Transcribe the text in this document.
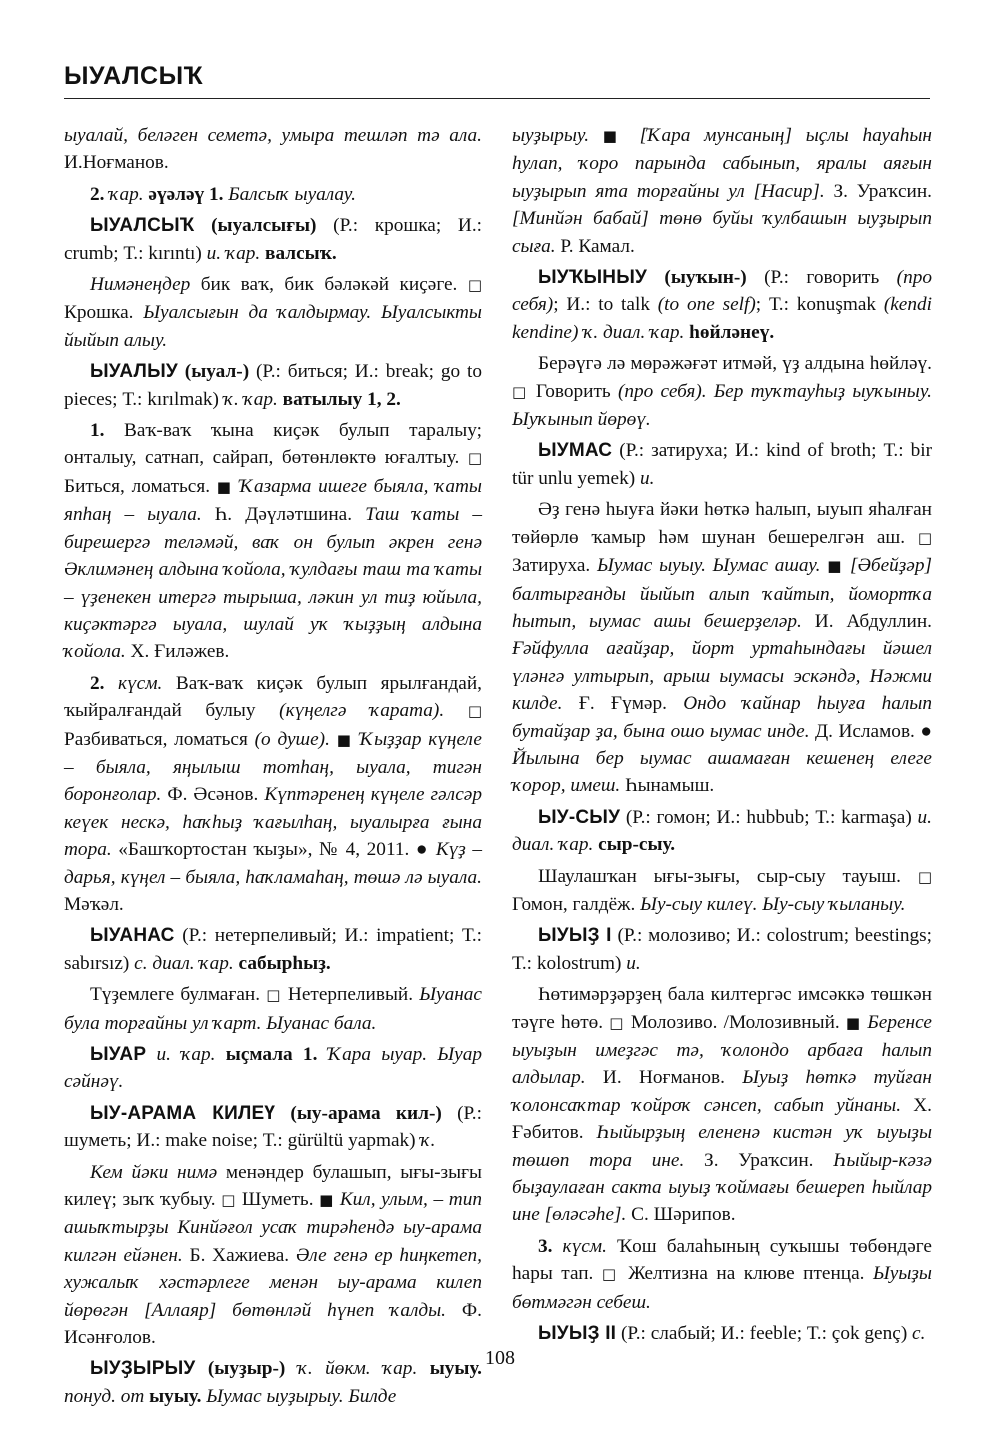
ЫУАЛСЫҠ

ыуалай, беләген семетә, умыра тешләп тә ала. И.Ноғманов.

2. ҡар. әүәләү 1. Балсыҡ ыуалау.

ЫУАЛСЫҠ (ыуалсығы) (Р.: крошка; И.: crumb; Т.: kırıntı) и. ҡар. валсыҡ.

Нимәнеңдер бик ваҡ, бик бәләкәй киҫәге. □ Крошка. Ыуалсығын да ҡалдырмау. Ыуалсыкты йыйып алыу.

ЫУАЛЫУ (ыуал-) (Р.: биться; И.: break; go to pieces; Т.: kırılmak) ҡ. ҡар. ватылыу 1, 2.

1. Ваҡ-ваҡ ҡына киҫәк булып таралыу; онталыу, сатнап, сайрап, бөтөнлөктө юғалтыу. □ Биться, ломаться. ■ Ҡазарма ишеге быяла, ҡаты япһаң – ыуала. Һ. Дәүләтшина. Таш ҡаты – бирешергә теләмәй, ваҡ он булып әкрен генә Әклимәнең алдына ҡойола, ҡулдағы таш та ҡаты – үҙенекен итергә тырыша, ләкин ул тиҙ юйыла, киҫәктәргә ыуала, шулай уҡ ҡыҙҙың алдына ҡойола. Х. Ғиләжев.

2. күсм. Ваҡ-ваҡ киҫәк булып ярылғандай, ҡыйралғандай булыу (күңелгә ҡарата). □ Разбиваться, ломаться (о душе). ■ Ҡыҙҙар күңеле – быяла, яңылыш тотһаң, ыуала, тигән боронғолар. Ф. Әсәнов. Күптәренең күңеле гәлсәр кеүек нескә, һаҡһыҙ ҡағылһаң, ыуалырға ғына тора. «Башҡортостан ҡыҙы», № 4, 2011. ● Күҙ – дарья, күңел – быяла, һаҡламаһаң, төшә лә ыуала. Мәҡәл.

ЫУАНАС (Р.: нетерпеливый; И.: impatient; Т.: sabırsız) с. диал. ҡар. сабырһыҙ.

Түҙемлеге булмаған. □ Нетерпеливый. Ыуанас була торғайны ул ҡарт. Ыуанас бала.

ЫУАР и. ҡар. ыҫмала 1. Ҡара ыуар. Ыуар сәйнәү.

ЫУ-АРАМА КИЛЕҮ (ыу-арама кил-) (Р.: шуметь; И.: make noise; Т.: gürültü yapmak) ҡ.

Кем йәки нимә менәндер булашып, ығы-зығы килеү; зыҡ ҡубыу. □ Шуметь. ■ Кил, улым, – тип ашыҡтырҙы Кинйәғол усаҡ тирәһендә ыу-арама килгән ейәнен. Б. Хажиева. Әле генә ер һиңкетеп, хужалыҡ хәстәрлеге менән ыу-арама килеп йөрөгән [Аллаяр] бөтөнләй һүнеп ҡалды. Ф. Исәнғолов.

ЫУҘЫРЫУ (ыуҙыр-) ҡ. йөкм. ҡар. ыуыу. понуд. от ыуыу. Ыумас ыуҙырыу. Билде

ыуҙырыу. ■ [Ҡара мунсаның] ыҫлы һауаһын һулап, ҡоро парында сабынып, яралы аяғын ыуҙырып ята торғайны ул [Насир]. З. Ураҡсин. [Минйән бабай] төнө буйы ҡулбашын ыуҙырып сыға. Р. Камал.

ЫУҠЫНЫУ (ыуҡын-) (Р.: говорить (про себя); И.: to talk (to one self); Т.: konuşmak (kendi kendine) ҡ. диал. ҡар. һөйләнеү.

Берәүгә лә мөрәжәғәт итмәй, үҙ алдына һөйләү. □ Говорить (про себя). Бер туҡтауһыҙ ыуҡыныу. Ыуҡынып йөрөү.

ЫУМАС (Р.: затируха; И.: kind of broth; Т.: bir tür unlu yemek) и.

Әҙ генә һыуға йәки һөткә һалып, ыуып яһалған төйөрлө ҡамыр һәм шунан бешерелгән аш. □ Затируха. Ыумас ыуыу. Ыумас ашау. ■ [Әбейҙәр] балтырғанды йыйып алып ҡайтып, йомортҡа һытып, ыумас ашы бешерҙеләр. И. Абдуллин. Ғәйфулла ағайҙар, йорт уртаһындағы йәшел үләнгә ултырып, арыш ыумасы эскәндә, Нәжми килде. Ғ. Ғүмәр. Ондо ҡайнар һыуға һалып бутайҙар ҙа, бына ошо ыумас инде. Д. Исламов. ● Йылына бер ыумас ашамаған кешенең елеге ҡорор, имеш. Һынамыш.

ЫУ-СЫУ (Р.: гомон; И.: hubbub; Т.: karmaşa) и. диал. ҡар. сыр-сыу.

Шаулашҡан ығы-зығы, сыр-сыу тауыш. □ Гомон, галдёж. Ыу-сыу килеү. Ыу-сыу ҡыланыу.

ЫУЫҘ I (Р.: молозиво; И.: colostrum; beestings; Т.: kolostrum) и.

Һөтимәрҙәрҙең бала килтергәс имсәккә төшкән тәүге һөтө. □ Молозиво. /Молозивный. ■ Беренсе ыуыҙын имеҙгәс тә, ҡолондо арбаға һалып алдылар. И. Ноғманов. Ыуыҙ һөткә туйған ҡолонсаҡтар ҡойроҡ сәнсеп, сабып уйнаны. Х. Ғәбитов. Һыйырҙың елененә кистән уҡ ыуыҙы төшөп тора ине. З. Ураҡсин. Һыйыр-кәзә быҙаулаған сакта ыуыҙ ҡоймағы бешереп һыйлар ине [өләсәһе]. С. Шәрипов.

3. күсм. Ҡош балаһының суҡышы төбөндәге һары тап. □ Желтизна на клюве птенца. Ыуыҙы бөтмәгән себеш.

ЫУЫҘ II (Р.: слабый; И.: feeble; Т.: çok genç) с.

108
